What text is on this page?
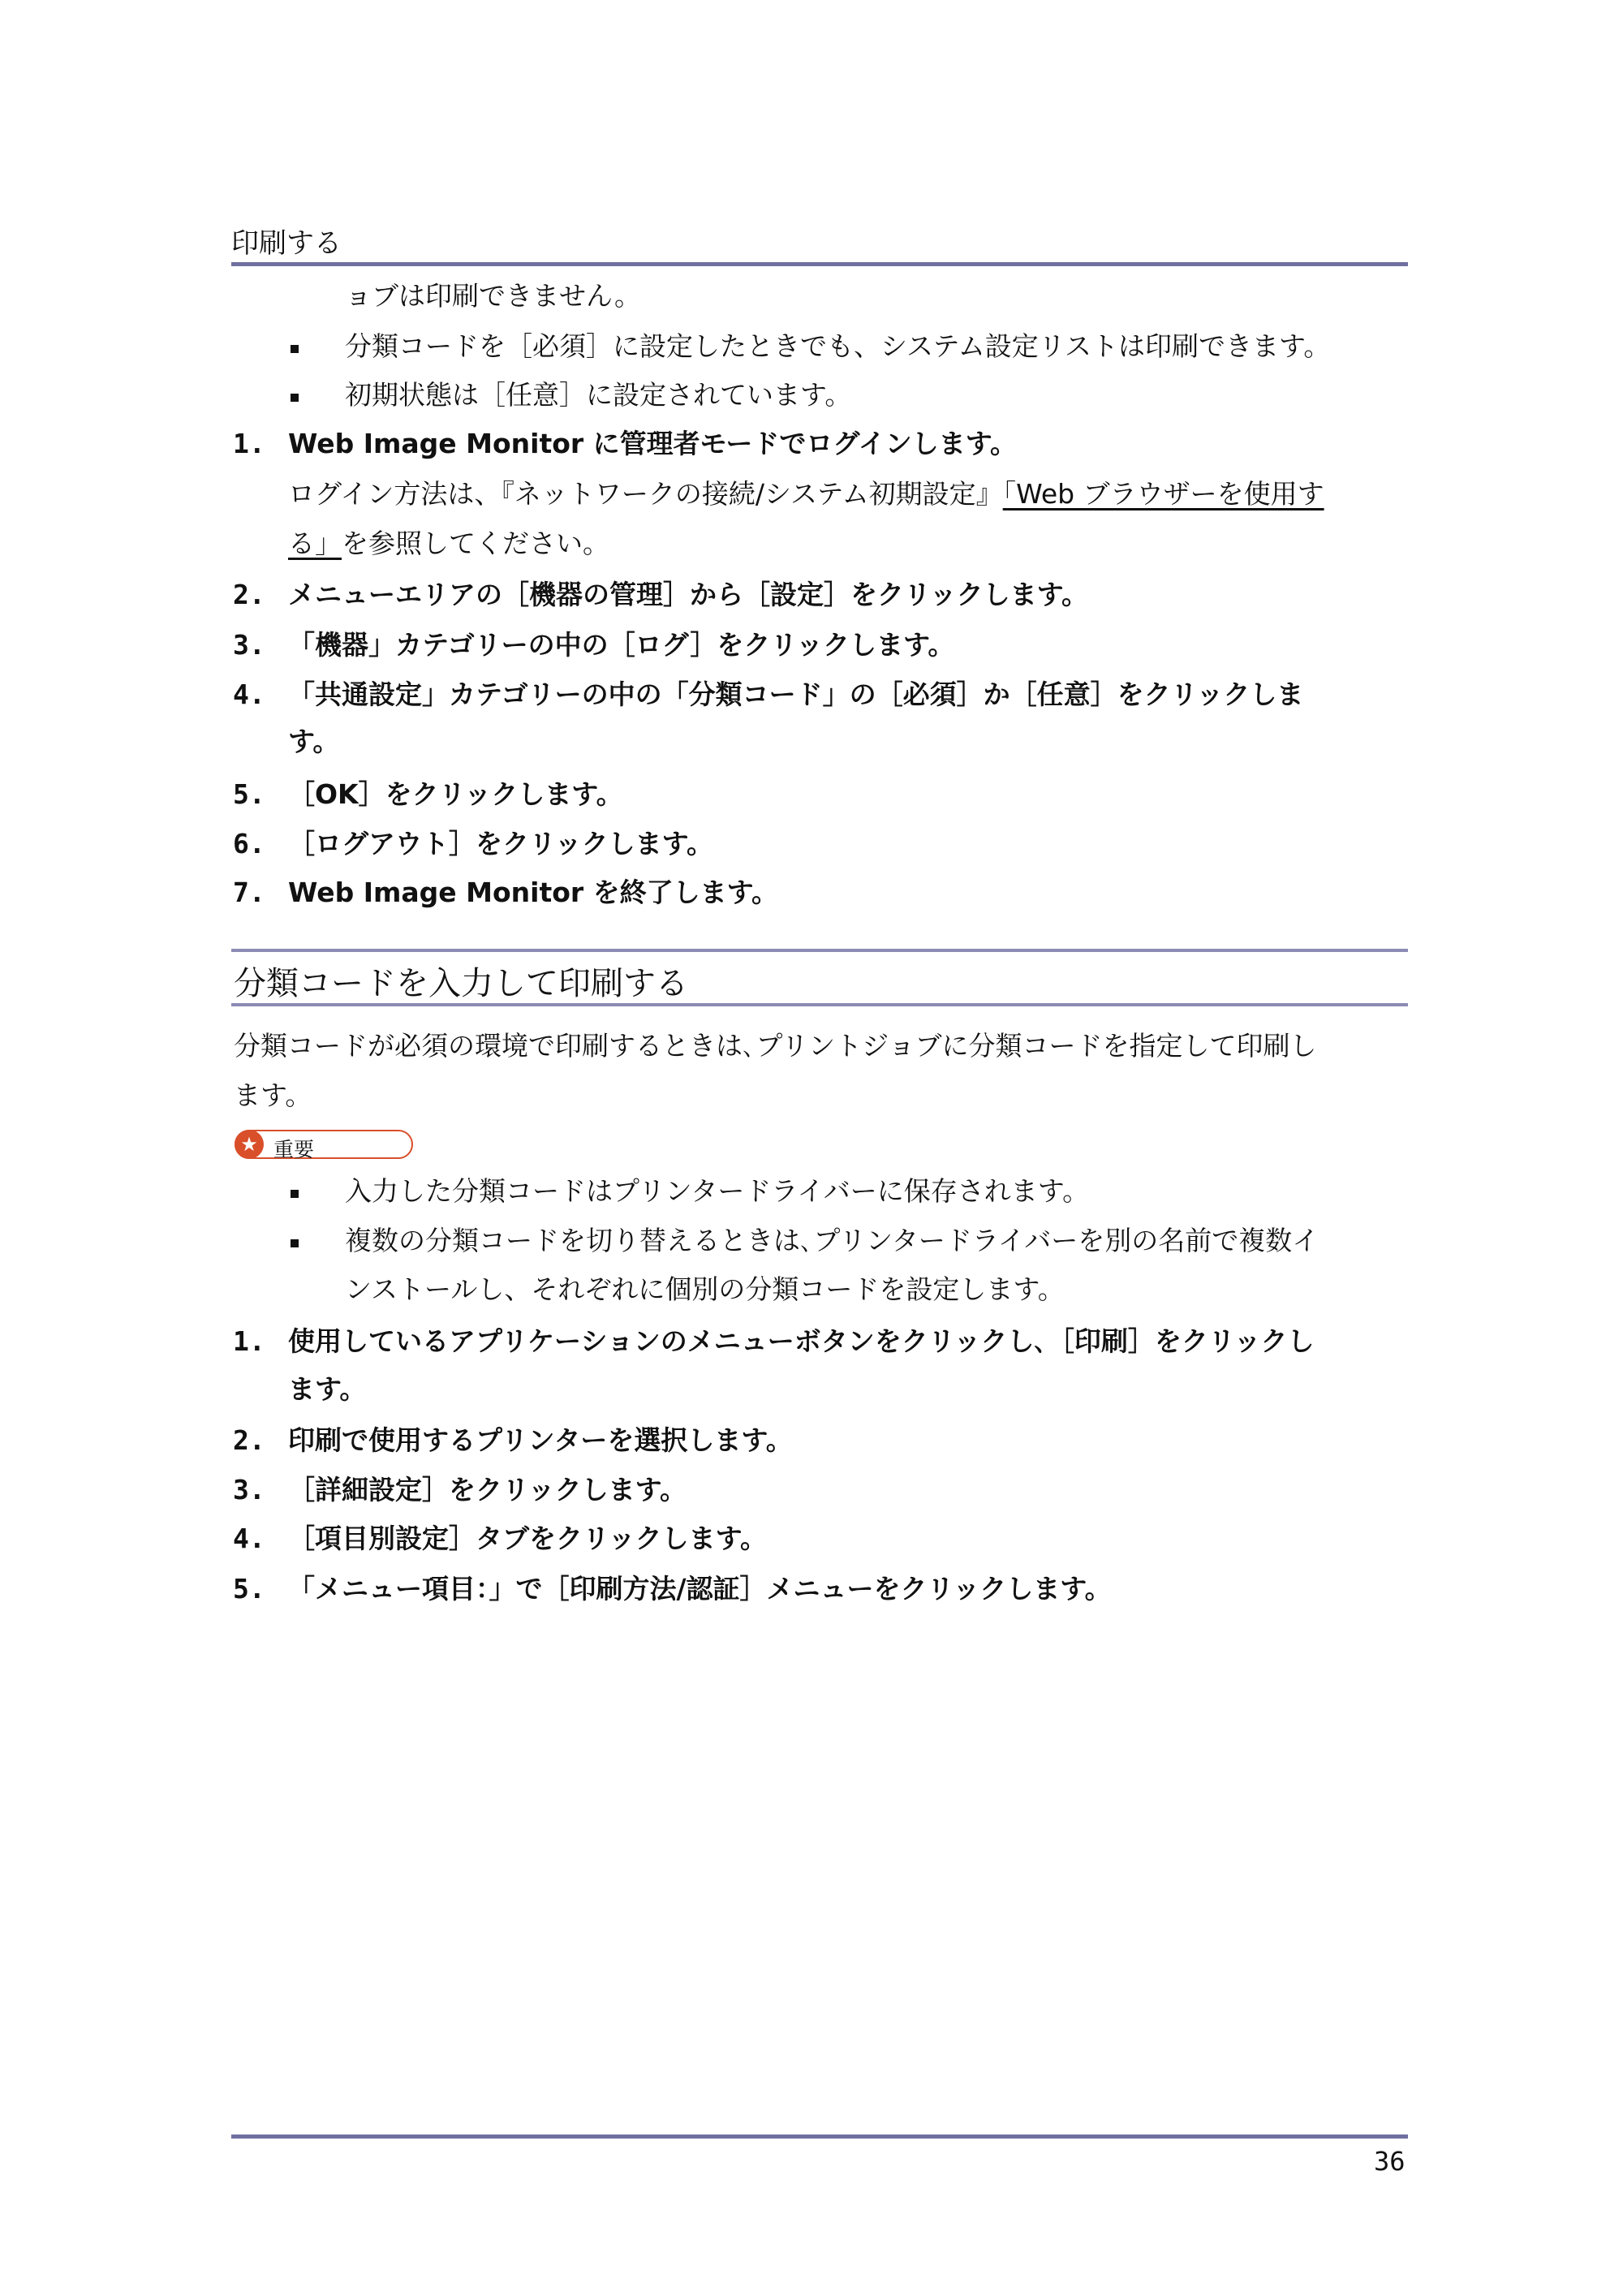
印刷する
ョブは印刷できません。
分類コードを［必須］に設定したときでも、システム設定リストは印刷できます。
初期状態は［任意］に設定されています。
1. Web Image Monitor に管理者モードでログインします。
ログイン方法は、『ネットワークの接続/システム初期設定』「Web ブラウザーを使用す
る」を参照してください。
2. メニューエリアの［機器の管理］から［設定］をクリックします。
3. 「機器」カテゴリーの中の［ログ］をクリックします。
4. 「共通設定」カテゴリーの中の「分類コード」の［必須］か［任意］をクリックしま
す。
5. ［OK］をクリックします。
6. ［ログアウト］をクリックします。
7. Web Image Monitor を終了します。
分類コードを入力して印刷する
分類コードが必須の環境で印刷するときは､プリントジョブに分類コードを指定して印刷し
ます。
★ 重要
入力した分類コードはプリンタードライバーに保存されます。
複数の分類コードを切り替えるときは､プリンタードライバーを別の名前で複数イ
ンストールし、それぞれに個別の分類コードを設定します。
1. 使用しているアプリケーションのメニューボタンをクリックし､［印刷］をクリックし
ます。
2. 印刷で使用するプリンターを選択します。
3. ［詳細設定］をクリックします。
4. ［項目別設定］タブをクリックします。
5. 「メニュー項目：」で［印刷方法/認証］メニューをクリックします。
36
